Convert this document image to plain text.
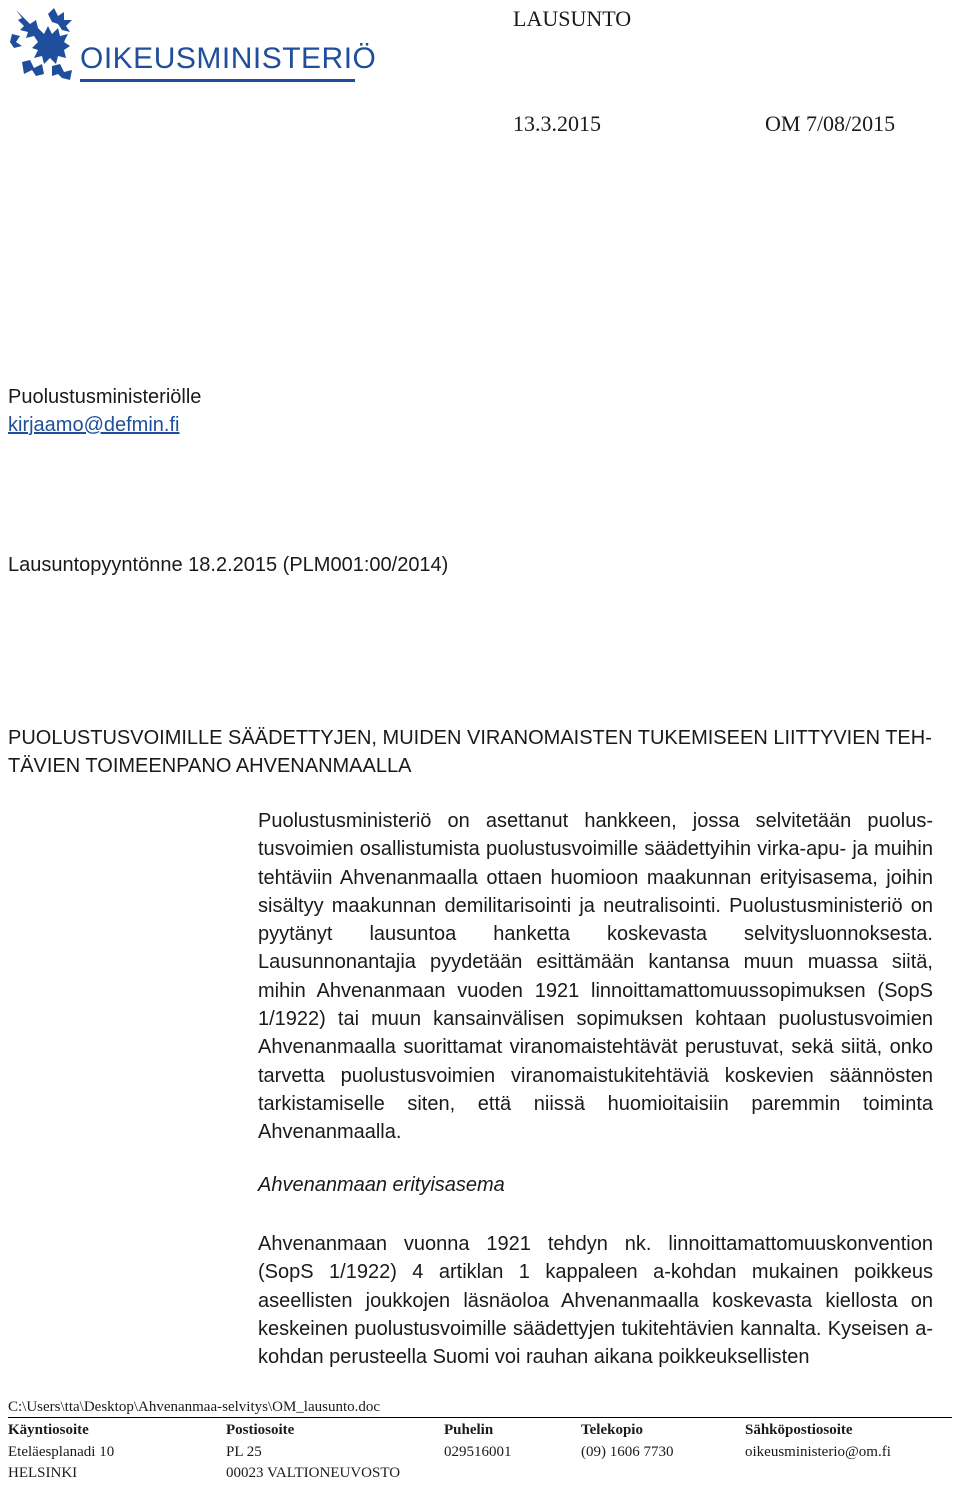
OIKEUSMINISTERIÖ
LAUSUNTO
13.3.2015	OM 7/08/2015
Puolustusministeriölle
kirjaamo@defmin.fi
Lausuntopyyntönne 18.2.2015 (PLM001:00/2014)
PUOLUSTUSVOIMILLE SÄÄDETTYJEN, MUIDEN VIRANOMAISTEN TUKEMISEEN LIITTYVIEN TEH-TÄVIEN TOIMEENPANO AHVENANMAALLA
Puolustusministeriö on asettanut hankkeen, jossa selvitetään puolustusvoimien osallistumista puolustusvoimille säädettyihin virka-apu- ja muihin tehtäviin Ahvenanmaalla ottaen huomioon maakunnan erityisasema, joihin sisältyy maakunnan demilitarisointi ja neutralisointi. Puolustusministeriö on pyytänyt lausuntoa hanketta koskevasta selvitysluonnoksesta. Lausunnonantajia pyydetään esittämään kantansa muun muassa siitä, mihin Ahvenanmaan vuoden 1921 linnoittamattomuussopimuksen (SopS 1/1922) tai muun kansainvälisen sopimuksen kohtaan puolustusvoimien Ahvenanmaalla suorittamat viranomaistehtävät perustuvat, sekä siitä, onko tarvetta puolustusvoimien viranomaistukitehtäviä koskevien säännösten tarkistamiselle siten, että niissä huomioitaisiin paremmin toiminta Ahvenanmaalla.
Ahvenanmaan erityisasema
Ahvenanmaan vuonna 1921 tehdyn nk. linnoittamattomuuskonvention (SopS 1/1922) 4 artiklan 1 kappaleen a-kohdan mukainen poikkeus aseellisten joukkojen läsnäoloa Ahvenanmaalla koskevasta kiellosta on keskeinen puolustusvoimille säädettyjen tukitehtävien kannalta. Kyseisen a-kohdan perusteella Suomi voi rauhan aikana poikkeuksellisten
C:\Users\tta\Desktop\Ahvenanmaa-selvitys\OM_lausunto.doc
Käyntiosoite
Eteläesplanadi 10
HELSINKI
Postiosoite
PL 25
00023 VALTIONEUVOSTO
Puhelin
029516001
Telekopio
(09) 1606 7730
Sähköpostiosoite
oikeusministerio@om.fi
